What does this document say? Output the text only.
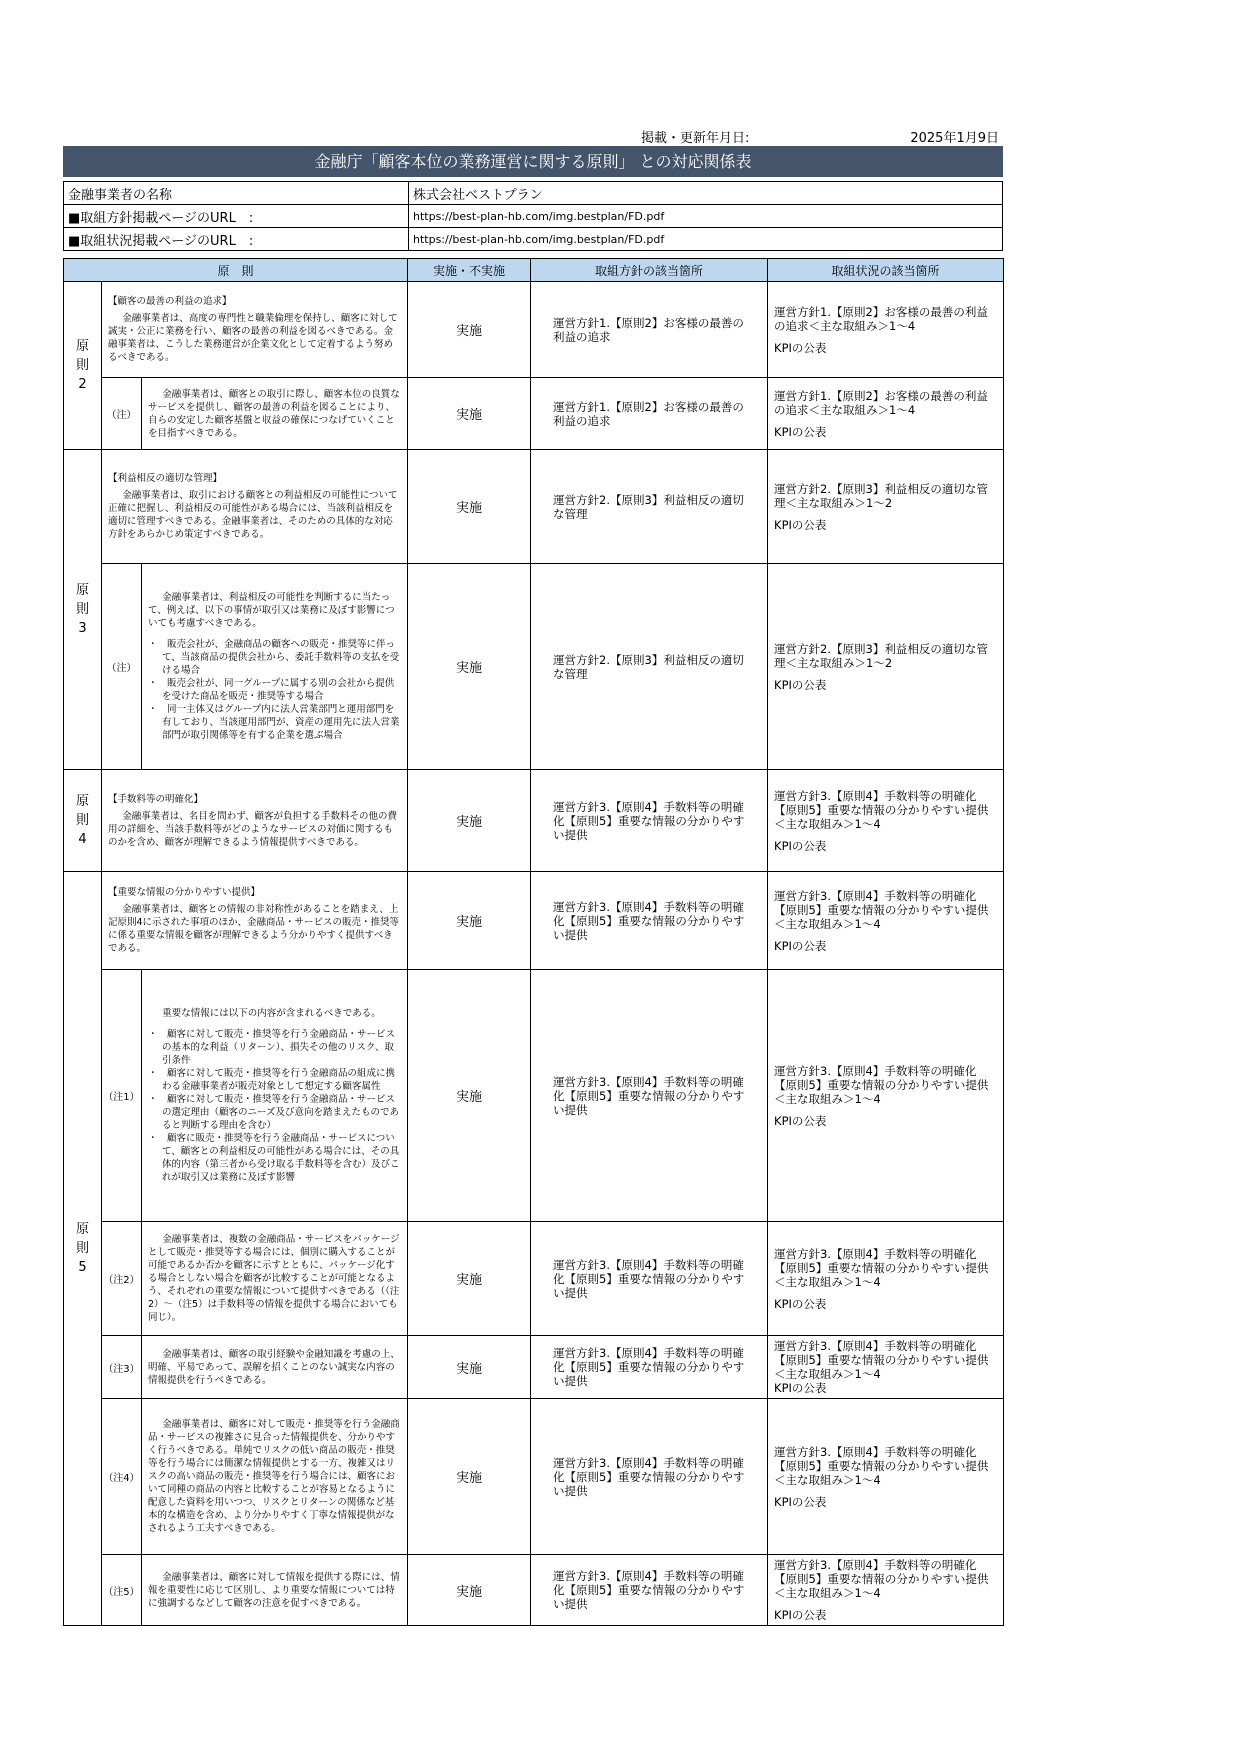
掲載・更新年月日:	2025年1月9日
金融庁「顧客本位の業務運営に関する原則」 との対応関係表
金融事業者の名称	株式会社ベストプラン
■取組方針掲載ページのURL　:	https://best-plan-hb.com/img.bestplan/FD.pdf
■取組状況掲載ページのURL　:	https://best-plan-hb.com/img.bestplan/FD.pdf
原　則			実施・不実施	取組方針の該当箇所	取組状況の該当箇所
原
則
2	【顧客の最善の利益の追求】
金融事業者は、高度の専門性と職業倫理を保持し、顧客に対して誠実・公正に業務を行い、顧客の最善の利益を図るべきである。金融事業者は、こうした業務運営が企業文化として定着するよう努めるべきである。		実施	運営方針1.【原則2】お客様の最善の利益の追求	運営方針1.【原則2】お客様の最善の利益の追求＜主な取組み＞1〜4
KPIの公表

	（注）	金融事業者は、顧客との取引に際し、顧客本位の良質なサービスを提供し、顧客の最善の利益を図ることにより、自らの安定した顧客基盤と収益の確保につなげていくことを目指すべきである。	実施	運営方針1.【原則2】お客様の最善の利益の追求	運営方針1.【原則2】お客様の最善の利益の追求＜主な取組み＞1〜4
KPIの公表

原
則
3	【利益相反の適切な管理】
金融事業者は、取引における顧客との利益相反の可能性について正確に把握し、利益相反の可能性がある場合には、当該利益相反を適切に管理すべきである。金融事業者は、そのための具体的な対応方針をあらかじめ策定すべきである。		実施	運営方針2.【原則3】利益相反の適切な管理	運営方針2.【原則3】利益相反の適切な管理＜主な取組み＞1〜2
KPIの公表

	（注）	金融事業者は、利益相反の可能性を判断するに当たって、例えば、以下の事情が取引又は業務に及ぼす影響についても考慮すべきである。
・　販売会社が、金融商品の顧客への販売・推奨等に伴って、当該商品の提供会社から、委託手数料等の支払を受ける場合
・　販売会社が、同一グループに属する別の会社から提供を受けた商品を販売・推奨等する場合
・　同一主体又はグループ内に法人営業部門と運用部門を有しており、当該運用部門が、資産の運用先に法人営業部門が取引関係等を有する企業を選ぶ場合	実施	運営方針2.【原則3】利益相反の適切な管理	運営方針2.【原則3】利益相反の適切な管理＜主な取組み＞1〜2
KPIの公表

原
則
4	【手数料等の明確化】
金融事業者は、名目を問わず、顧客が負担する手数料その他の費用の詳細を、当該手数料等がどのようなサービスの対価に関するものかを含め、顧客が理解できるよう情報提供すべきである。		実施	運営方針3.【原則4】手数料等の明確化【原則5】重要な情報の分かりやすい提供	運営方針3.【原則4】手数料等の明確化【原則5】重要な情報の分かりやすい提供＜主な取組み＞1〜4
KPIの公表

原
則
5	【重要な情報の分かりやすい提供】
金融事業者は、顧客との情報の非対称性があることを踏まえ、上記原則4に示された事項のほか、金融商品・サービスの販売・推奨等に係る重要な情報を顧客が理解できるよう分かりやすく提供すべきである。		実施	運営方針3.【原則4】手数料等の明確化【原則5】重要な情報の分かりやすい提供	運営方針3.【原則4】手数料等の明確化【原則5】重要な情報の分かりやすい提供＜主な取組み＞1〜4
KPIの公表

	（注1）	重要な情報には以下の内容が含まれるべきである。
・　顧客に対して販売・推奨等を行う金融商品・サービスの基本的な利益（リターン）、損失その他のリスク、取引条件
・　顧客に対して販売・推奨等を行う金融商品の組成に携わる金融事業者が販売対象として想定する顧客属性
・　顧客に対して販売・推奨等を行う金融商品・サービスの選定理由（顧客のニーズ及び意向を踏まえたものであると判断する理由を含む）
・　顧客に販売・推奨等を行う金融商品・サービスについて、顧客との利益相反の可能性がある場合には、その具体的内容（第三者から受け取る手数料等を含む）及びこれが取引又は業務に及ぼす影響	実施	運営方針3.【原則4】手数料等の明確化【原則5】重要な情報の分かりやすい提供	運営方針3.【原則4】手数料等の明確化【原則5】重要な情報の分かりやすい提供＜主な取組み＞1〜4
KPIの公表

	（注2）	金融事業者は、複数の金融商品・サービスをパッケージとして販売・推奨等する場合には、個別に購入することが可能であるか否かを顧客に示すとともに、パッケージ化する場合としない場合を顧客が比較することが可能となるよう、それぞれの重要な情報について提供すべきである（（注2）〜（注5）は手数料等の情報を提供する場合においても同じ）。	実施	運営方針3.【原則4】手数料等の明確化【原則5】重要な情報の分かりやすい提供	運営方針3.【原則4】手数料等の明確化【原則5】重要な情報の分かりやすい提供＜主な取組み＞1〜4
KPIの公表

	（注3）	金融事業者は、顧客の取引経験や金融知識を考慮の上、明確、平易であって、誤解を招くことのない誠実な内容の情報提供を行うべきである。	実施	運営方針3.【原則4】手数料等の明確化【原則5】重要な情報の分かりやすい提供	運営方針3.【原則4】手数料等の明確化【原則5】重要な情報の分かりやすい提供＜主な取組み＞1〜4
KPIの公表

	（注4）	金融事業者は、顧客に対して販売・推奨等を行う金融商品・サービスの複雑さに見合った情報提供を、分かりやすく行うべきである。単純でリスクの低い商品の販売・推奨等を行う場合には簡潔な情報提供とする一方、複雑又はリスクの高い商品の販売・推奨等を行う場合には、顧客において同種の商品の内容と比較することが容易となるように配意した資料を用いつつ、リスクとリターンの関係など基本的な構造を含め、より分かりやすく丁寧な情報提供がなされるよう工夫すべきである。	実施	運営方針3.【原則4】手数料等の明確化【原則5】重要な情報の分かりやすい提供	運営方針3.【原則4】手数料等の明確化【原則5】重要な情報の分かりやすい提供＜主な取組み＞1〜4
KPIの公表

	（注5）	金融事業者は、顧客に対して情報を提供する際には、情報を重要性に応じて区別し、より重要な情報については特に強調するなどして顧客の注意を促すべきである。	実施	運営方針3.【原則4】手数料等の明確化【原則5】重要な情報の分かりやすい提供	運営方針3.【原則4】手数料等の明確化【原則5】重要な情報の分かりやすい提供＜主な取組み＞1〜4
KPIの公表
